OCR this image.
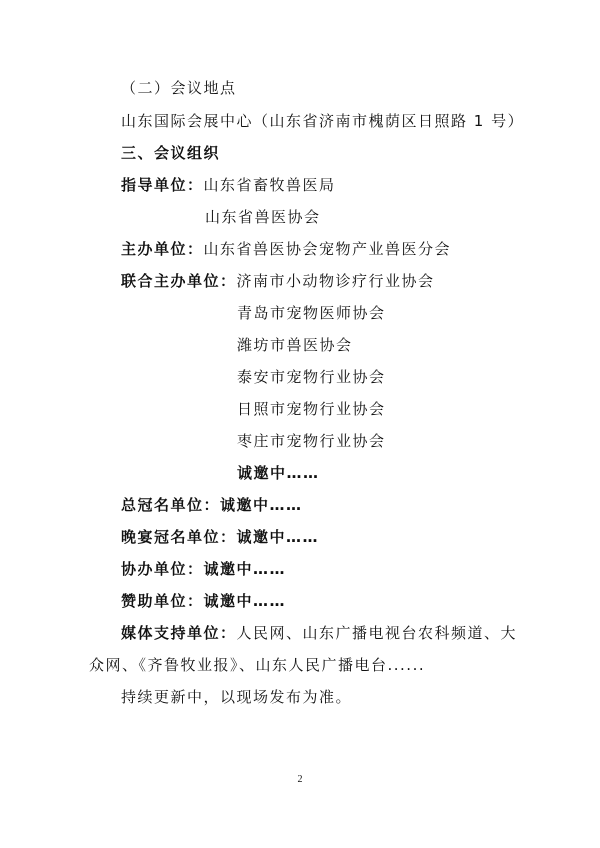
（二）会议地点
山东国际会展中心（山东省济南市槐荫区日照路 1 号）
三、会议组织
指导单位：山东省畜牧兽医局
山东省兽医协会
主办单位：山东省兽医协会宠物产业兽医分会
联合主办单位：济南市小动物诊疗行业协会
青岛市宠物医师协会
潍坊市兽医协会
泰安市宠物行业协会
日照市宠物行业协会
枣庄市宠物行业协会
诚邀中……
总冠名单位：诚邀中……
晚宴冠名单位：诚邀中……
协办单位：诚邀中……
赞助单位：诚邀中……
媒体支持单位：人民网、山东广播电视台农科频道、大
众网、《齐鲁牧业报》、山东人民广播电台......
持续更新中，以现场发布为准。
2
